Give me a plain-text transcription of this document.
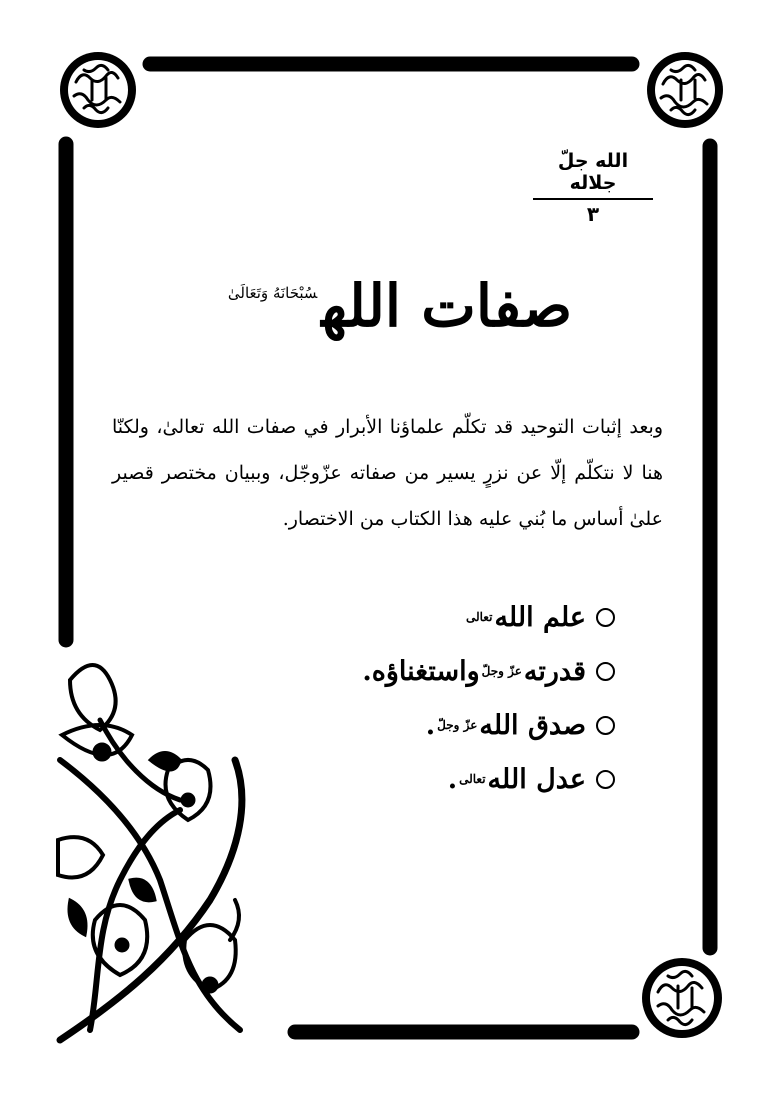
الله جلّ جلاله
٣
صفات اللهسُبْحَانَهُ وَتَعَالَىٰ
وبعد إثبات التوحيد قد تكلّم علماؤنا الأبرار في صفات الله تعالىٰ، ولكنّا هنا لا نتكلّم إلّا عن نزرٍ يسير من صفاته عزّوجّل، وببيان مختصر قصير علىٰ أساس ما بُني عليه هذا الكتاب من الاختصار.
علم الله
تعالى
قدرته
عزّ وجلّ
واستغناؤه.
صدق الله
عزّ وجلّ
.
عدل الله
تعالى
.
